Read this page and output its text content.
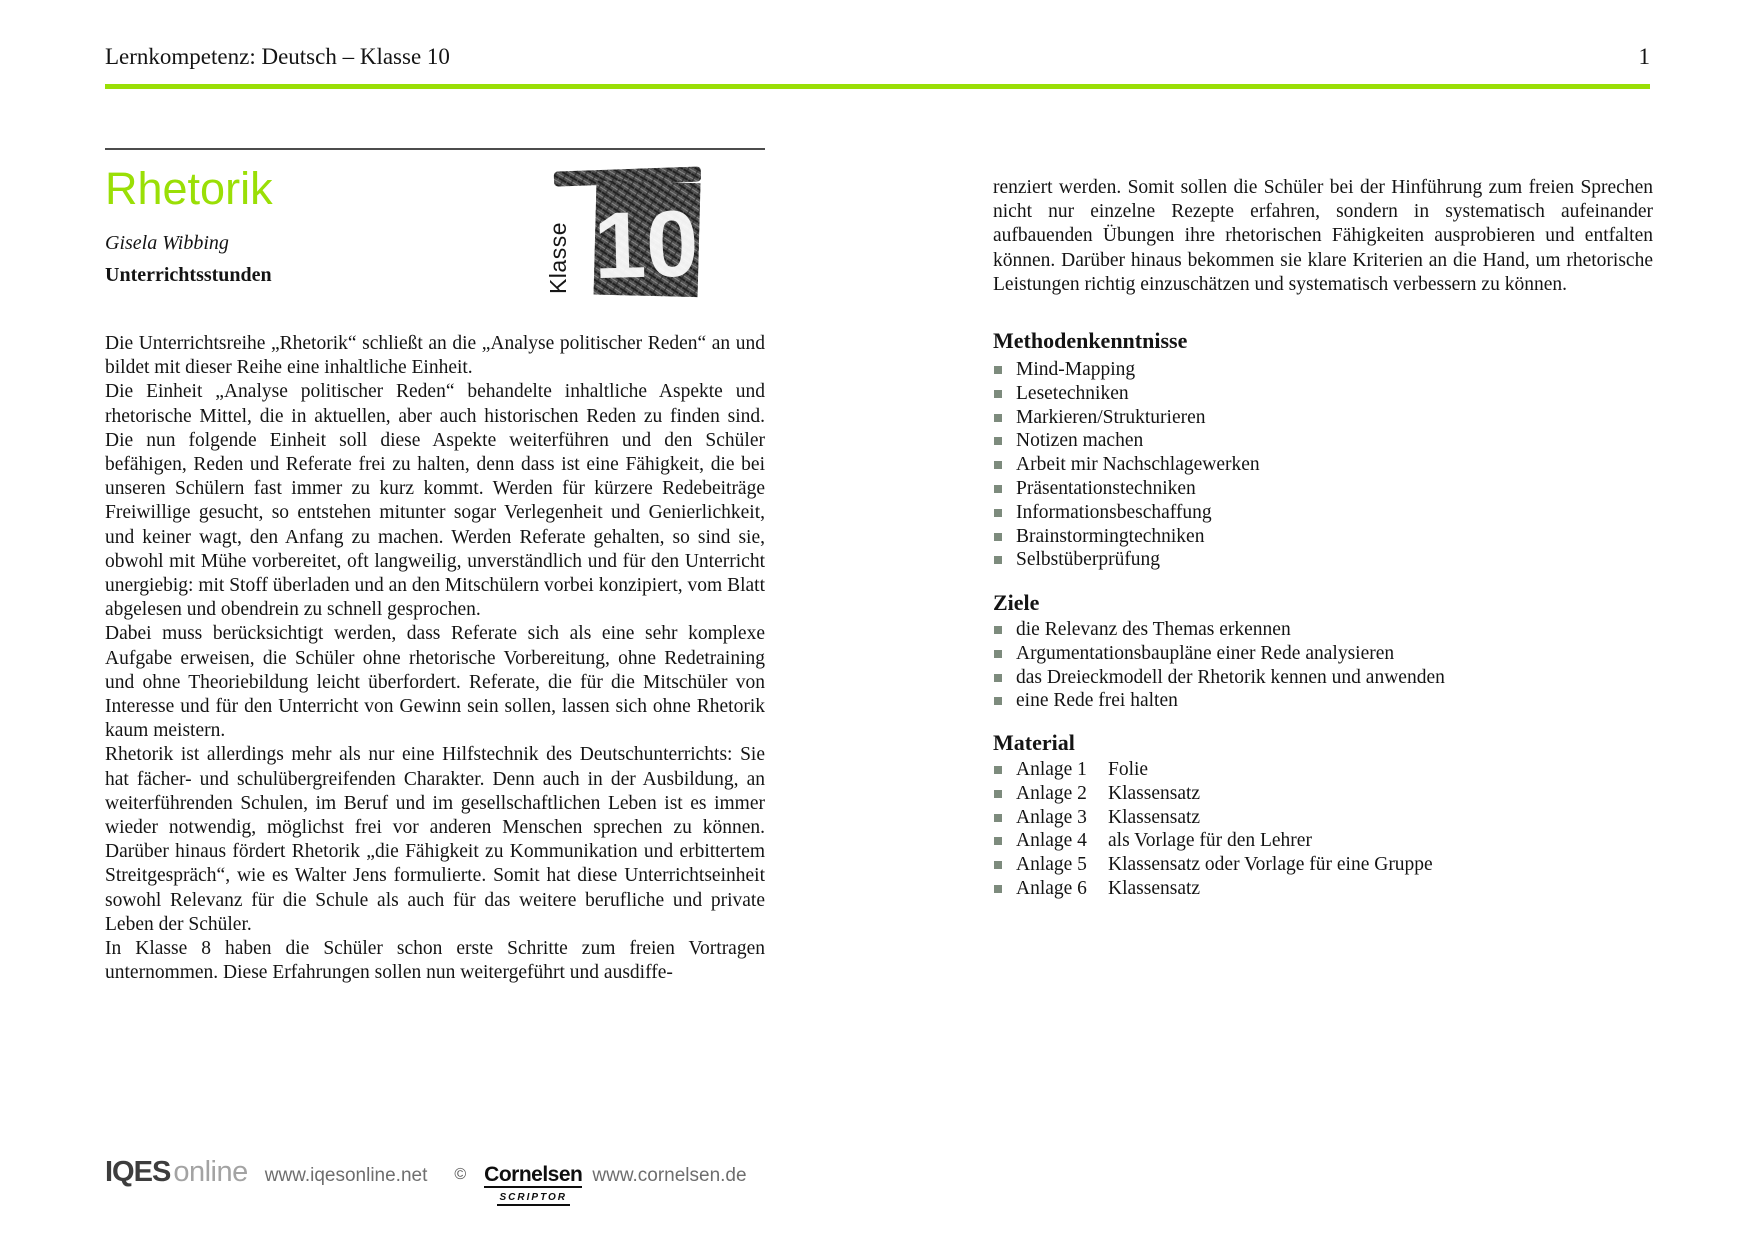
Lernkompetenz: Deutsch – Klasse 10	1
Rhetorik
Gisela Wibbing
Unterrichtsstunden	Klasse 10

Die Unterrichtsreihe „Rhetorik“ schließt an die „Analyse politischer Reden“ an und bildet mit dieser Reihe eine inhaltliche Einheit.

Die Einheit „Analyse politischer Reden“ behandelte inhaltliche Aspekte und rhetorische Mittel, die in aktuellen, aber auch historischen Reden zu finden sind. Die nun folgende Einheit soll diese Aspekte weiterführen und den Schüler befähigen, Reden und Referate frei zu halten, denn dass ist eine Fähigkeit, die bei unseren Schülern fast immer zu kurz kommt. Werden für kürzere Redebeiträge Freiwillige gesucht, so entstehen mitunter sogar Verlegenheit und Genierlichkeit, und keiner wagt, den Anfang zu machen. Werden Referate gehalten, so sind sie, obwohl mit Mühe vorbereitet, oft langweilig, unverständlich und für den Unterricht unergiebig: mit Stoff überladen und an den Mitschülern vorbei konzipiert, vom Blatt abgelesen und obendrein zu schnell gesprochen.

Dabei muss berücksichtigt werden, dass Referate sich als eine sehr komplexe Aufgabe erweisen, die Schüler ohne rhetorische Vorbereitung, ohne Redetraining und ohne Theoriebildung leicht überfordert. Referate, die für die Mitschüler von Interesse und für den Unterricht von Gewinn sein sollen, lassen sich ohne Rhetorik kaum meistern.

Rhetorik ist allerdings mehr als nur eine Hilfstechnik des Deutschunterrichts: Sie hat fächer- und schulübergreifenden Charakter. Denn auch in der Ausbildung, an weiterführenden Schulen, im Beruf und im gesellschaftlichen Leben ist es immer wieder notwendig, möglichst frei vor anderen Menschen sprechen zu können. Darüber hinaus fördert Rhetorik „die Fähigkeit zu Kommunikation und erbittertem Streitgespräch“, wie es Walter Jens formulierte. Somit hat diese Unterrichtseinheit sowohl Relevanz für die Schule als auch für das weitere berufliche und private Leben der Schüler.

In Klasse 8 haben die Schüler schon erste Schritte zum freien Vortragen unternommen. Diese Erfahrungen sollen nun weitergeführt und ausdiffe-

renziert werden. Somit sollen die Schüler bei der Hinführung zum freien Sprechen nicht nur einzelne Rezepte erfahren, sondern in systematisch aufeinander aufbauenden Übungen ihre rhetorischen Fähigkeiten ausprobieren und entfalten können. Darüber hinaus bekommen sie klare Kriterien an die Hand, um rhetorische Leistungen richtig einzuschätzen und systematisch verbessern zu können.

Methodenkenntnisse
Mind-Mapping
Lesetechniken
Markieren/Strukturieren
Notizen machen
Arbeit mir Nachschlagewerken
Präsentationstechniken
Informationsbeschaffung
Brainstormingtechniken
Selbstüberprüfung
Ziele
die Relevanz des Themas erkennen
Argumentationsbaupläne einer Rede analysieren
das Dreieckmodell der Rhetorik kennen und anwenden
eine Rede frei halten
Material
Anlage 1	Folie
Anlage 2	Klassensatz
Anlage 3	Klassensatz
Anlage 4	als Vorlage für den Lehrer
Anlage 5	Klassensatz oder Vorlage für eine Gruppe
Anlage 6	Klassensatz
IQES online www.iqesonline.net © Cornelsen
SCRIPTOR
www.cornelsen.de
